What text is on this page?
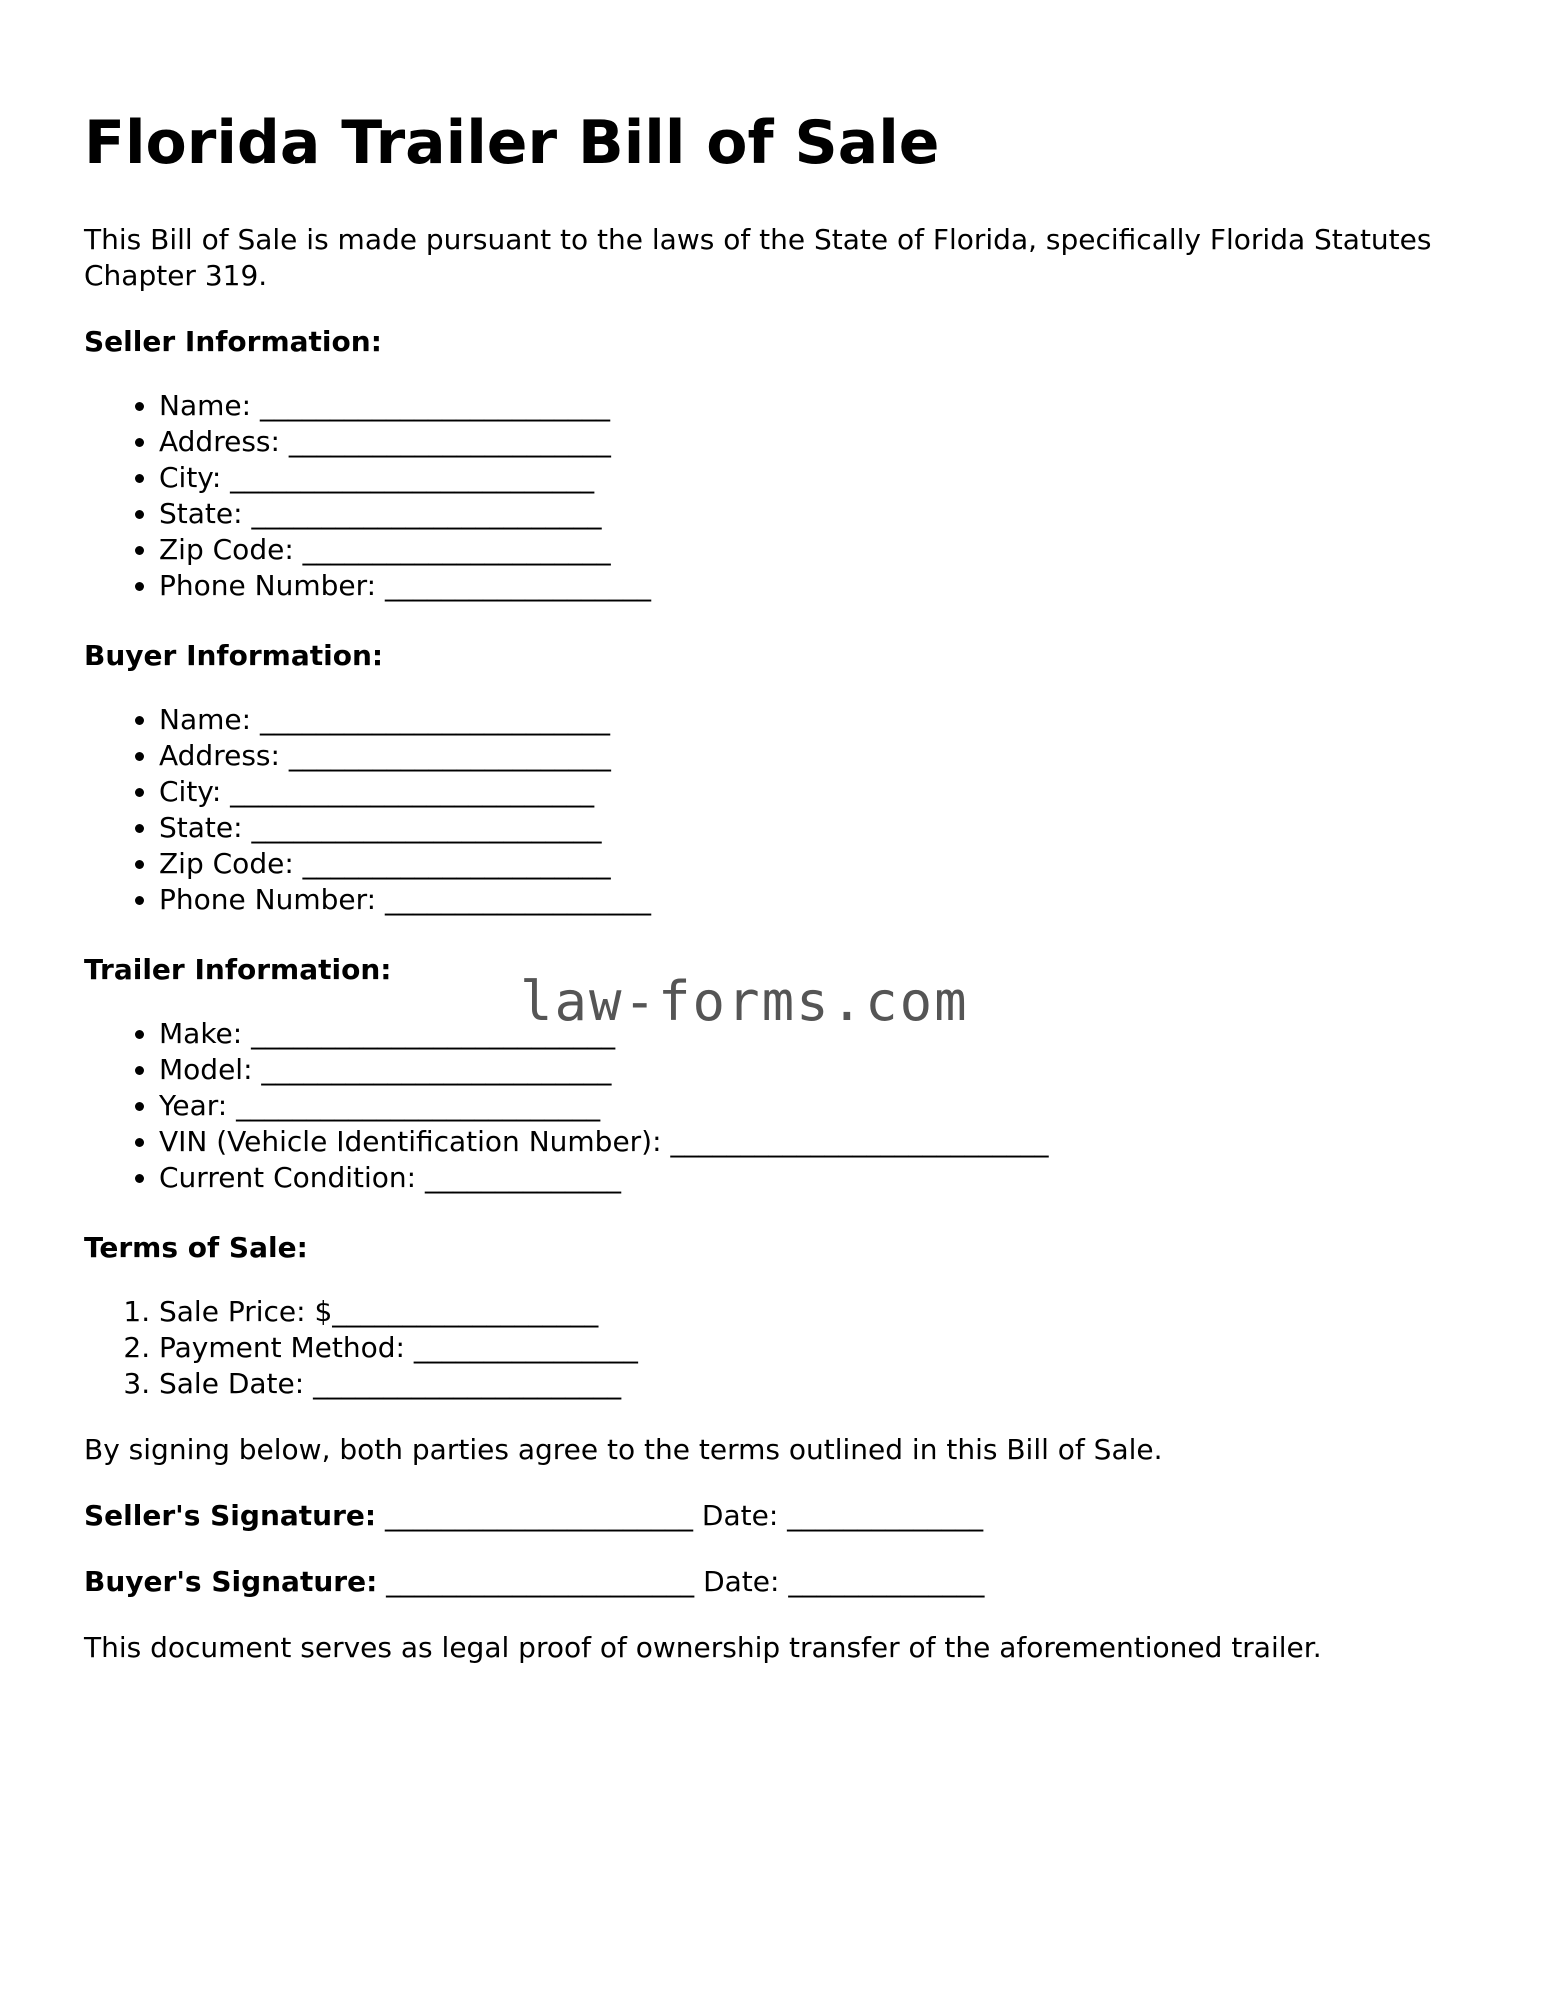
Florida Trailer Bill of Sale

This Bill of Sale is made pursuant to the laws of the State of Florida, specifically Florida Statutes Chapter 319.

Seller Information:

• Name: _________________________
• Address: _______________________
• City: __________________________
• State: _________________________
• Zip Code: ______________________
• Phone Number: ___________________

Buyer Information:

• Name: _________________________
• Address: _______________________
• City: __________________________
• State: _________________________
• Zip Code: ______________________
• Phone Number: ___________________

Trailer Information:

• Make: __________________________
• Model: _________________________
• Year: __________________________
• VIN (Vehicle Identification Number): ___________________________
• Current Condition: ______________

Terms of Sale:

1. Sale Price: $___________________
2. Payment Method: ________________
3. Sale Date: ______________________

By signing below, both parties agree to the terms outlined in this Bill of Sale.

Seller's Signature: ______________________ Date: ______________

Buyer's Signature: ______________________ Date: ______________

This document serves as legal proof of ownership transfer of the aforementioned trailer.

law-forms.com
